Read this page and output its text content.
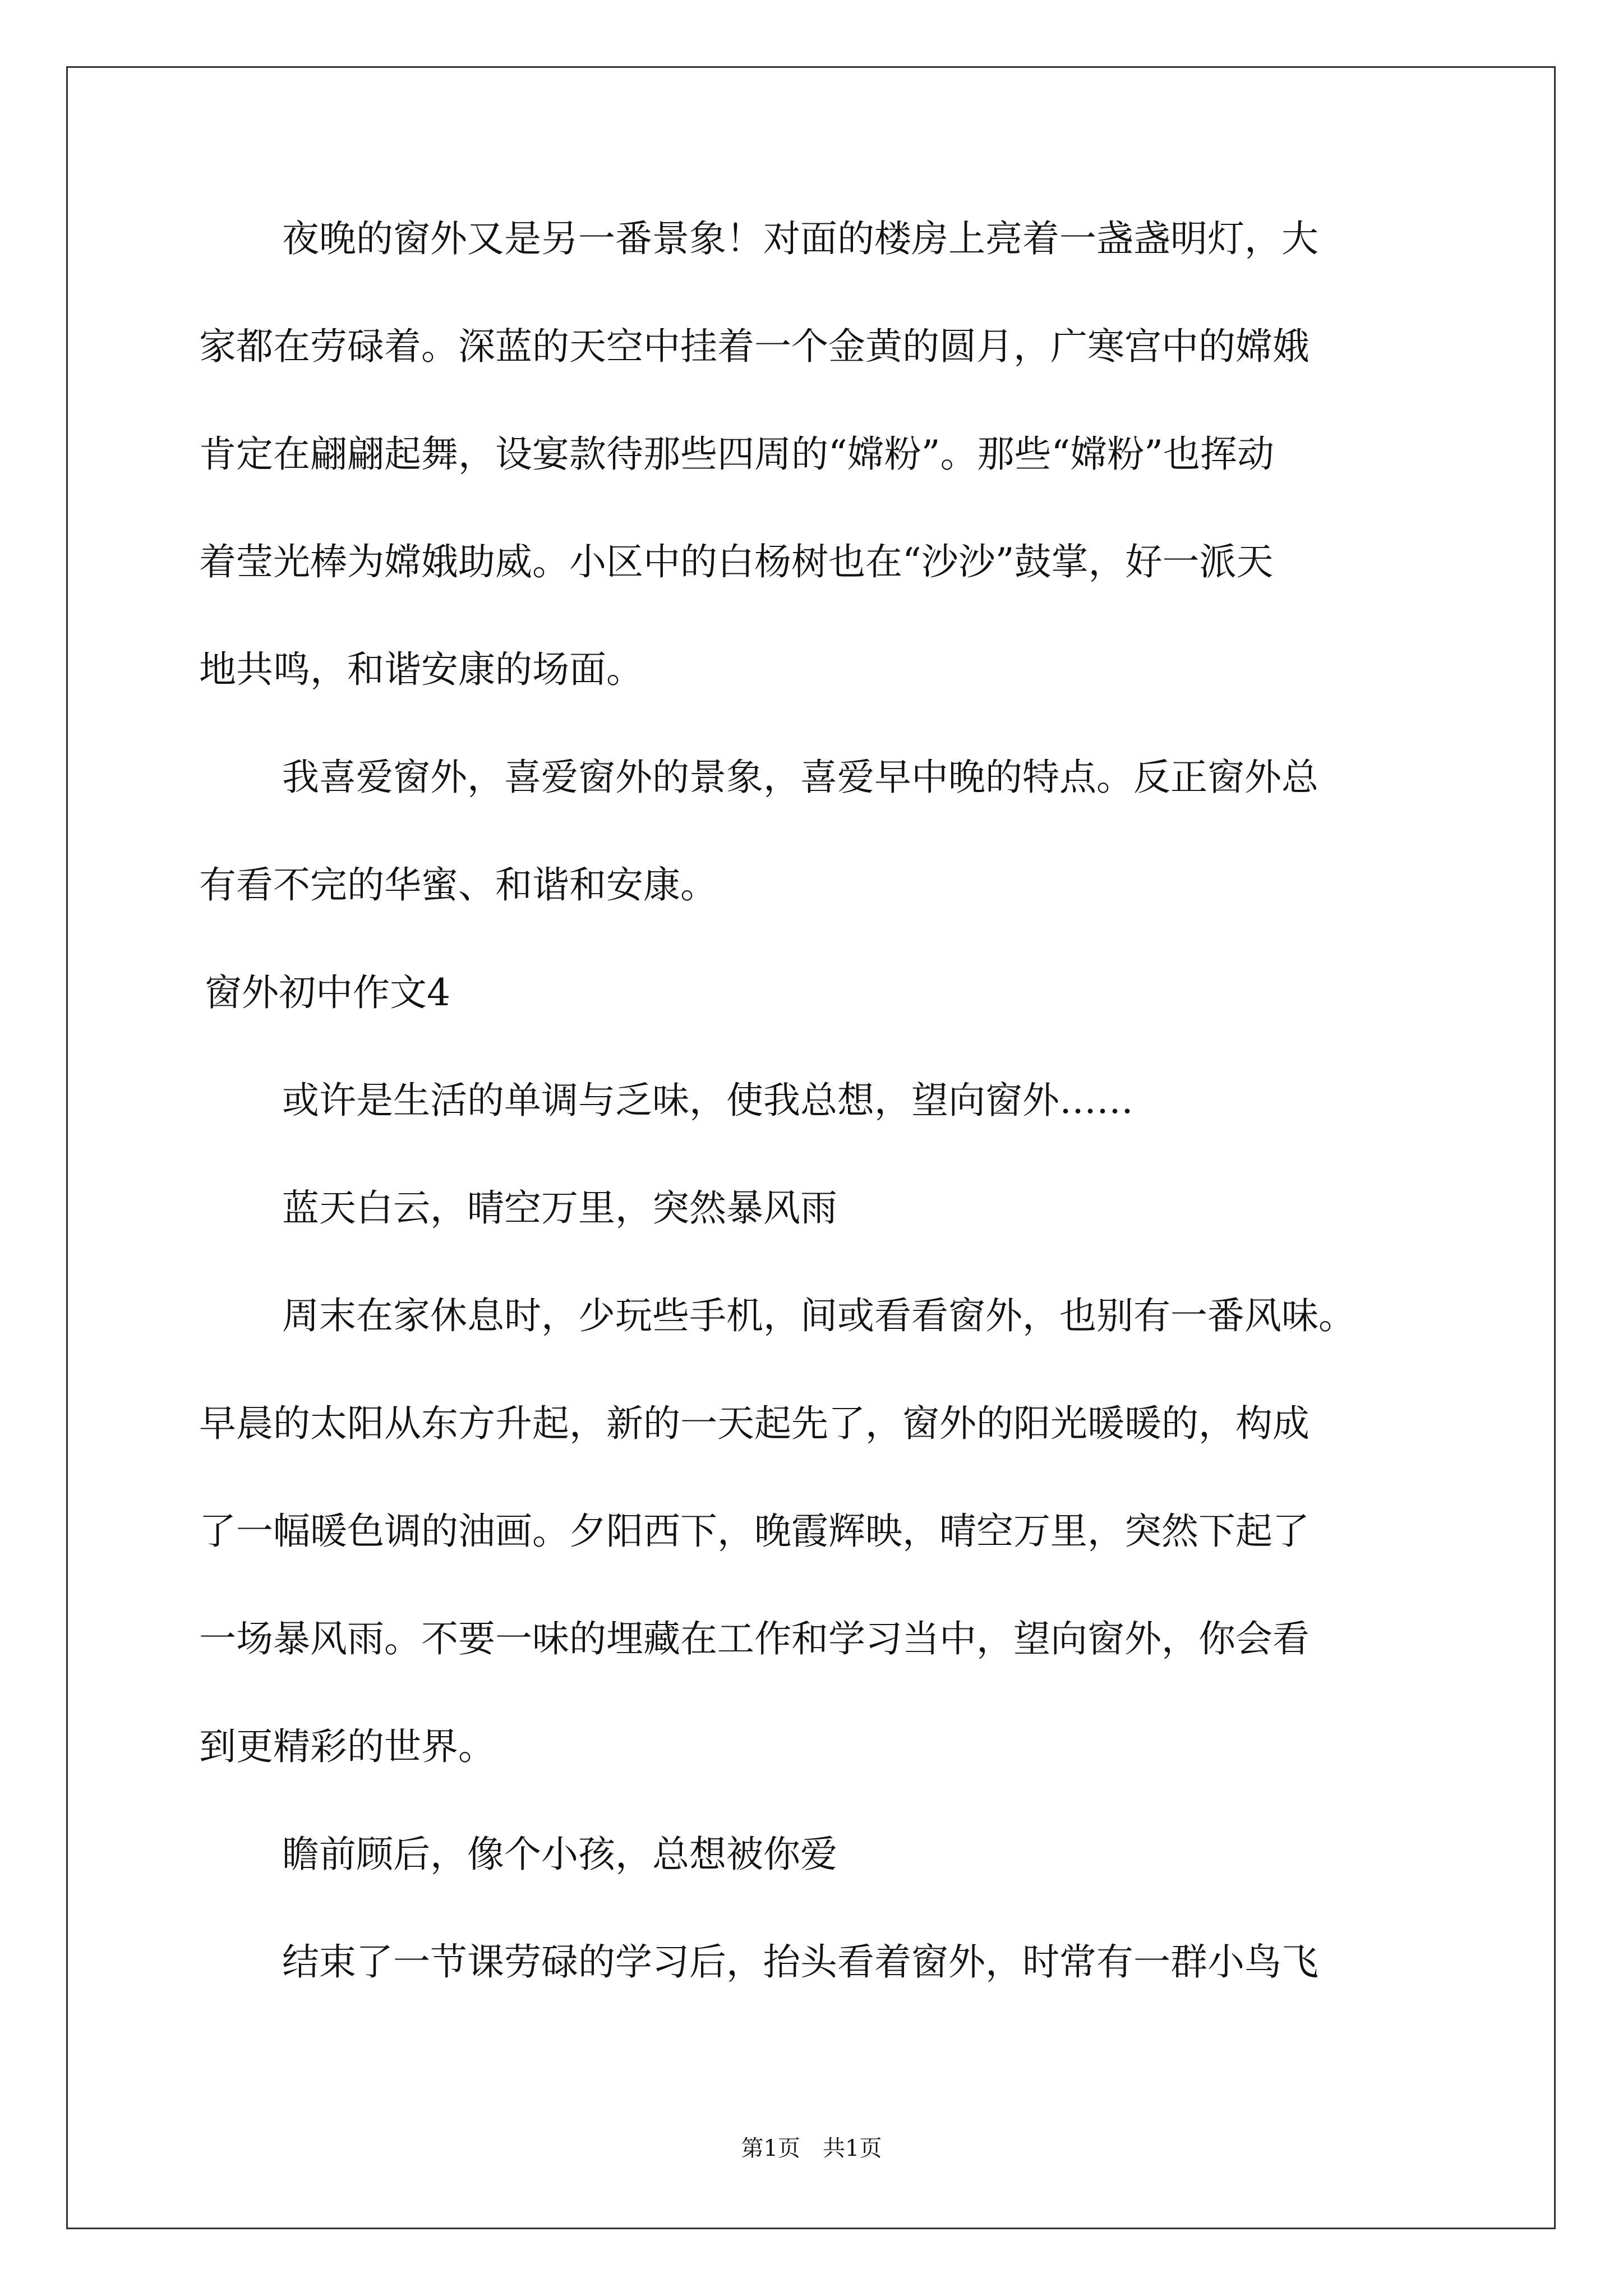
夜晚的窗外又是另一番景象！对面的楼房上亮着一盏盏明灯，大
家都在劳碌着。深蓝的天空中挂着一个金黄的圆月，广寒宫中的嫦娥
肯定在翩翩起舞，设宴款待那些四周的“嫦粉”。那些“嫦粉”也挥动
着莹光棒为嫦娥助威。小区中的白杨树也在“沙沙”鼓掌，好一派天
地共鸣，和谐安康的场面。
我喜爱窗外，喜爱窗外的景象，喜爱早中晚的特点。反正窗外总
有看不完的华蜜、和谐和安康。
窗外初中作文4
或许是生活的单调与乏味，使我总想，望向窗外……
蓝天白云，晴空万里，突然暴风雨
周末在家休息时，少玩些手机，间或看看窗外，也别有一番风味。
早晨的太阳从东方升起，新的一天起先了，窗外的阳光暖暖的，构成
了一幅暖色调的油画。夕阳西下，晚霞辉映，晴空万里，突然下起了
一场暴风雨。不要一味的埋藏在工作和学习当中，望向窗外，你会看
到更精彩的世界。
瞻前顾后，像个小孩，总想被你爱
结束了一节课劳碌的学习后，抬头看着窗外，时常有一群小鸟飞
第1页　共1页
